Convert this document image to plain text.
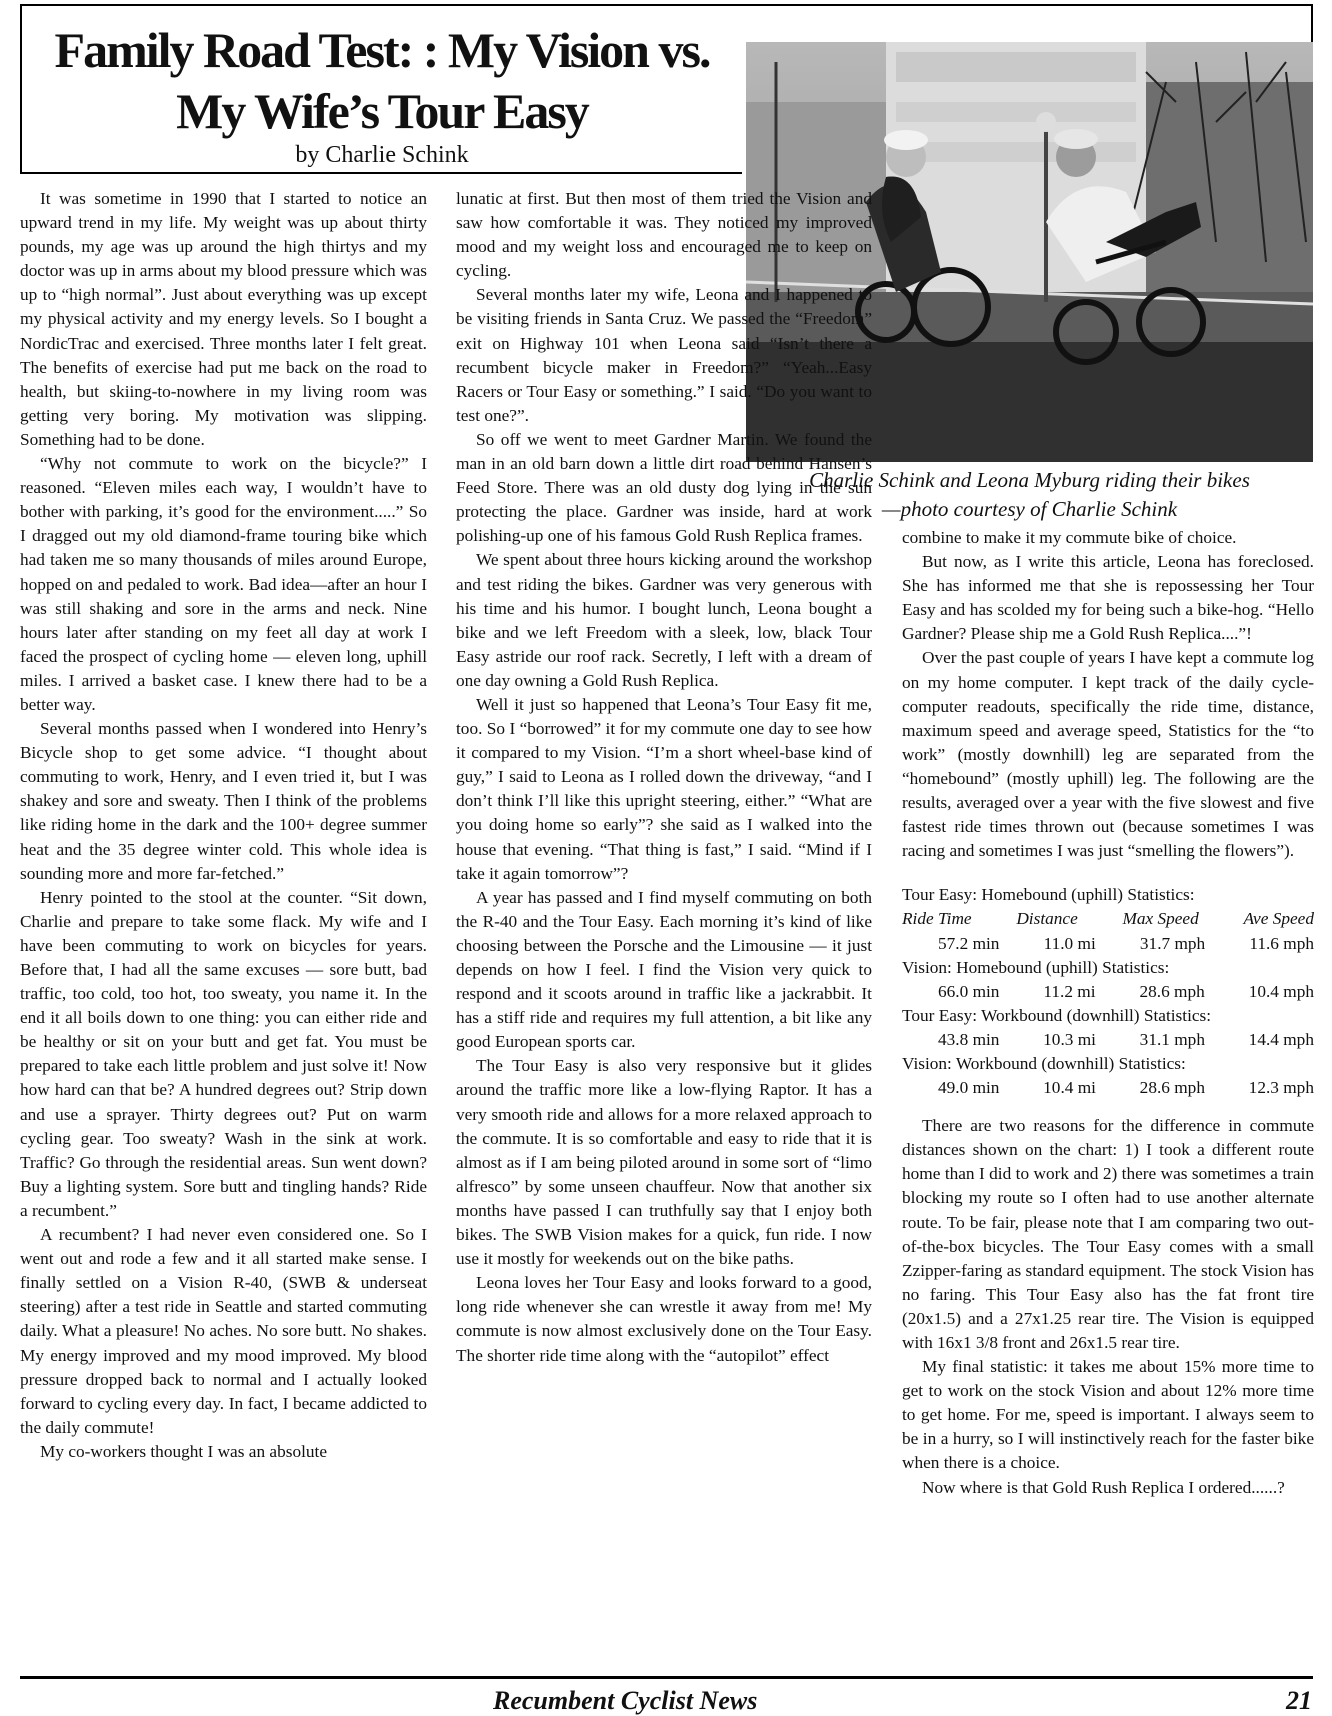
Family Road Test: : My Vision vs.
My Wife’s Tour Easy
by Charlie Schink
Charlie Schink and Leona Myburg riding their bikes
—photo courtesy of Charlie Schink

It was sometime in 1990 that I started to notice an upward trend in my life. My weight was up about thirty pounds, my age was up around the high thirtys and my doctor was up in arms about my blood pressure which was up to “high normal”. Just about everything was up except my physical activity and my energy levels. So I bought a NordicTrac and exercised. Three months later I felt great. The benefits of exercise had put me back on the road to health, but skiing-to-nowhere in my living room was getting very boring. My motivation was slipping. Something had to be done.

“Why not commute to work on the bicycle?” I reasoned. “Eleven miles each way, I wouldn’t have to bother with parking, it’s good for the environment.....” So I dragged out my old diamond-frame touring bike which had taken me so many thousands of miles around Europe, hopped on and pedaled to work. Bad idea—after an hour I was still shaking and sore in the arms and neck. Nine hours later after standing on my feet all day at work I faced the prospect of cycling home — eleven long, uphill miles. I arrived a basket case. I knew there had to be a better way.

Several months passed when I wondered into Henry’s Bicycle shop to get some advice. “I thought about commuting to work, Henry, and I even tried it, but I was shakey and sore and sweaty. Then I think of the problems like riding home in the dark and the 100+ degree summer heat and the 35 degree winter cold. This whole idea is sounding more and more far-fetched.”

Henry pointed to the stool at the counter. “Sit down, Charlie and prepare to take some flack. My wife and I have been commuting to work on bicycles for years. Before that, I had all the same excuses — sore butt, bad traffic, too cold, too hot, too sweaty, you name it. In the end it all boils down to one thing: you can either ride and be healthy or sit on your butt and get fat. You must be prepared to take each little problem and just solve it! Now how hard can that be? A hundred degrees out? Strip down and use a sprayer. Thirty degrees out? Put on warm cycling gear. Too sweaty? Wash in the sink at work. Traffic? Go through the residential areas. Sun went down? Buy a lighting system. Sore butt and tingling hands? Ride a recumbent.”

A recumbent? I had never even considered one. So I went out and rode a few and it all started make sense. I finally settled on a Vision R-40, (SWB & underseat steering) after a test ride in Seattle and started commuting daily. What a pleasure! No aches. No sore butt. No shakes. My energy improved and my mood improved. My blood pressure dropped back to normal and I actually looked forward to cycling every day. In fact, I became addicted to the daily commute!

My co-workers thought I was an absolute

lunatic at first. But then most of them tried the Vision and saw how comfortable it was. They noticed my improved mood and my weight loss and encouraged me to keep on cycling.

Several months later my wife, Leona and I happened to be visiting friends in Santa Cruz. We passed the “Freedom” exit on Highway 101 when Leona said “Isn’t there a recumbent bicycle maker in Freedom?” “Yeah...Easy Racers or Tour Easy or something.” I said. “Do you want to test one?”.

So off we went to meet Gardner Martin. We found the man in an old barn down a little dirt road behind Hansen’s Feed Store. There was an old dusty dog lying in the sun protecting the place. Gardner was inside, hard at work polishing-up one of his famous Gold Rush Replica frames.

We spent about three hours kicking around the workshop and test riding the bikes. Gardner was very generous with his time and his humor. I bought lunch, Leona bought a bike and we left Freedom with a sleek, low, black Tour Easy astride our roof rack. Secretly, I left with a dream of one day owning a Gold Rush Replica.

Well it just so happened that Leona’s Tour Easy fit me, too. So I “borrowed” it for my commute one day to see how it compared to my Vision. “I’m a short wheel-base kind of guy,” I said to Leona as I rolled down the driveway, “and I don’t think I’ll like this upright steering, either.” “What are you doing home so early”? she said as I walked into the house that evening. “That thing is fast,” I said. “Mind if I take it again tomorrow”?

A year has passed and I find myself commuting on both the R-40 and the Tour Easy. Each morning it’s kind of like choosing between the Porsche and the Limousine — it just depends on how I feel. I find the Vision very quick to respond and it scoots around in traffic like a jackrabbit. It has a stiff ride and requires my full attention, a bit like any good European sports car.

The Tour Easy is also very responsive but it glides around the traffic more like a low-flying Raptor. It has a very smooth ride and allows for a more relaxed approach to the commute. It is so comfortable and easy to ride that it is almost as if I am being piloted around in some sort of “limo alfresco” by some unseen chauffeur. Now that another six months have passed I can truthfully say that I enjoy both bikes. The SWB Vision makes for a quick, fun ride. I now use it mostly for weekends out on the bike paths.

Leona loves her Tour Easy and looks forward to a good, long ride whenever she can wrestle it away from me! My commute is now almost exclusively done on the Tour Easy. The shorter ride time along with the “autopilot” effect

combine to make it my commute bike of choice.

But now, as I write this article, Leona has foreclosed. She has informed me that she is repossessing her Tour Easy and has scolded my for being such a bike-hog. “Hello Gardner? Please ship me a Gold Rush Replica....”!

Over the past couple of years I have kept a commute log on my home computer. I kept track of the daily cycle-computer readouts, specifically the ride time, distance, maximum speed and average speed, Statistics for the “to work” (mostly downhill) leg are separated from the “homebound” (mostly uphill) leg. The following are the results, averaged over a year with the five slowest and five fastest ride times thrown out (because sometimes I was racing and sometimes I was just “smelling the flowers”).

Tour Easy: Homebound (uphill) Statistics:
Ride Time	Distance	Max Speed	Ave Speed
57.2 min	11.0 mi	31.7 mph	11.6 mph
Vision: Homebound (uphill) Statistics:
66.0 min	11.2 mi	28.6 mph	10.4 mph
Tour Easy: Workbound (downhill) Statistics:
43.8 min	10.3 mi	31.1 mph	14.4 mph
Vision: Workbound (downhill) Statistics:
49.0 min	10.4 mi	28.6 mph	12.3 mph

There are two reasons for the difference in commute distances shown on the chart: 1) I took a different route home than I did to work and 2) there was sometimes a train blocking my route so I often had to use another alternate route. To be fair, please note that I am comparing two out-of-the-box bicycles. The Tour Easy comes with a small Zzipper-faring as standard equipment. The stock Vision has no faring. This Tour Easy also has the fat front tire (20x1.5) and a 27x1.25 rear tire. The Vision is equipped with 16x1 3/8 front and 26x1.5 rear tire.

My final statistic: it takes me about 15% more time to get to work on the stock Vision and about 12% more time to get home. For me, speed is important. I always seem to be in a hurry, so I will instinctively reach for the faster bike when there is a choice.

Now where is that Gold Rush Replica I ordered......?

Recumbent Cyclist News	21
